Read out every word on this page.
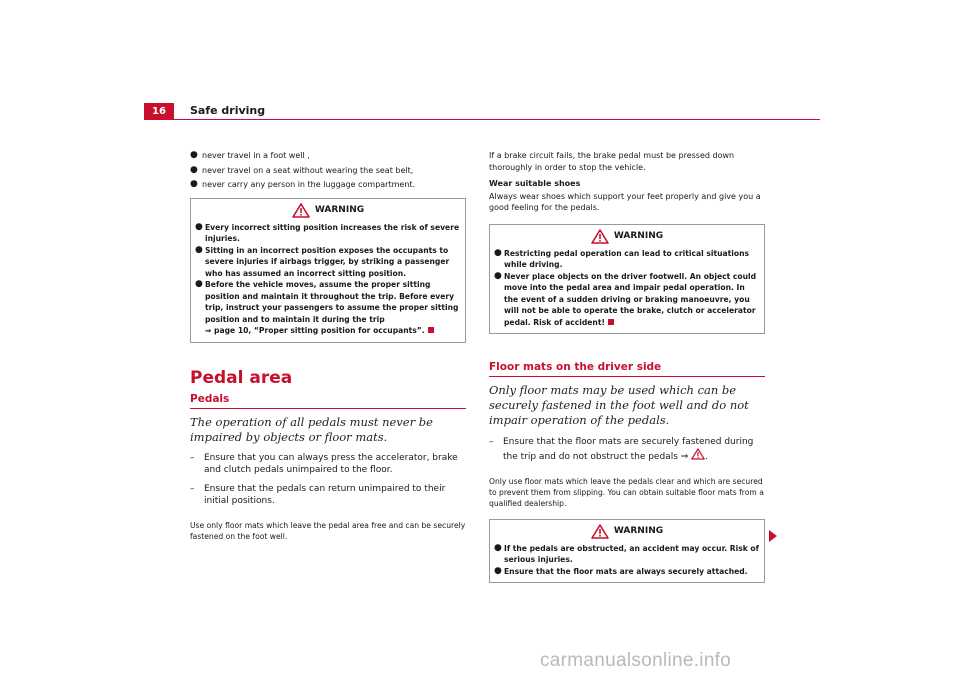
16	Safe driving
● never travel in a foot well ,
● never travel on a seat without wearing the seat belt,
● never carry any person in the luggage compartment.
WARNING
● Every incorrect sitting position increases the risk of severe injuries.
● Sitting in an incorrect position exposes the occupants to severe injuries if airbags trigger, by striking a passenger who has assumed an incorrect sitting position.
● Before the vehicle moves, assume the proper sitting position and maintain it throughout the trip. Before every trip, instruct your passengers to assume the proper sitting position and to maintain it during the trip
⇒ page 10, “Proper sitting position for occupants”.
Pedal area
Pedals
The operation of all pedals must never be impaired by objects or floor mats.
–	Ensure that you can always press the accelerator, brake and clutch pedals unimpaired to the floor.
–	Ensure that the pedals can return unimpaired to their initial positions.
Use only floor mats which leave the pedal area free and can be securely fastened on the foot well.
If a brake circuit fails, the brake pedal must be pressed down thoroughly in order to stop the vehicle.
Wear suitable shoes
Always wear shoes which support your feet properly and give you a good feeling for the pedals.
WARNING
● Restricting pedal operation can lead to critical situations while driving.
● Never place objects on the driver footwell. An object could move into the pedal area and impair pedal operation. In the event of a sudden driving or braking manoeuvre, you will not be able to operate the brake, clutch or accelerator pedal. Risk of accident!
Floor mats on the driver side
Only floor mats may be used which can be securely fastened in the foot well and do not impair operation of the pedals.
–	Ensure that the floor mats are securely fastened during the trip and do not obstruct the pedals ⇒ .
Only use floor mats which leave the pedals clear and which are secured to prevent them from slipping. You can obtain suitable floor mats from a qualified dealership.
WARNING
● If the pedals are obstructed, an accident may occur. Risk of serious injuries.
● Ensure that the floor mats are always securely attached.
carmanualsonline.info
